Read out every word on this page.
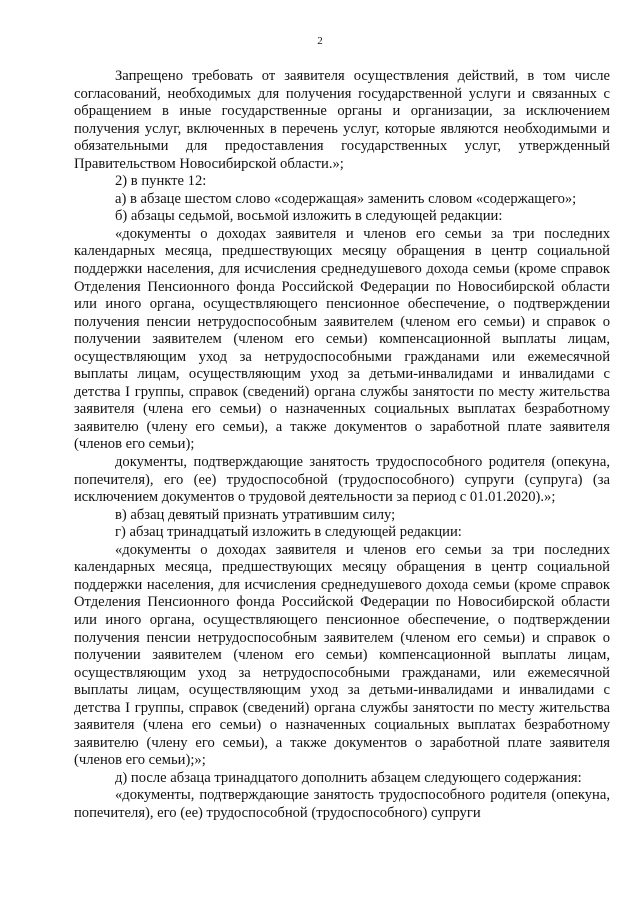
2

Запрещено требовать от заявителя осуществления действий, в том числе согласований, необходимых для получения государственной услуги и связанных с обращением в иные государственные органы и организации, за исключением получения услуг, включенных в перечень услуг, которые являются необходимыми и обязательными для предоставления государственных услуг, утвержденный Правительством Новосибирской области.»;

2) в пункте 12:

а) в абзаце шестом слово «содержащая» заменить словом «содержащего»;

б) абзацы седьмой, восьмой изложить в следующей редакции:

«документы о доходах заявителя и членов его семьи за три последних календарных месяца, предшествующих месяцу обращения в центр социальной поддержки населения, для исчисления среднедушевого дохода семьи (кроме справок Отделения Пенсионного фонда Российской Федерации по Новосибирской области или иного органа, осуществляющего пенсионное обеспечение, о подтверждении получения пенсии нетрудоспособным заявителем (членом его семьи) и справок о получении заявителем (членом его семьи) компенсационной выплаты лицам, осуществляющим уход за нетрудоспособными гражданами или ежемесячной выплаты лицам, осуществляющим уход за детьми-инвалидами и инвалидами с детства I группы, справок (сведений) органа службы занятости по месту жительства заявителя (члена его семьи) о назначенных социальных выплатах безработному заявителю (члену его семьи), а также документов о заработной плате заявителя (членов его семьи);

документы, подтверждающие занятость трудоспособного родителя (опекуна, попечителя), его (ее) трудоспособной (трудоспособного) супруги (супруга) (за исключением документов о трудовой деятельности за период с 01.01.2020).»;

в) абзац девятый признать утратившим силу;

г) абзац тринадцатый изложить в следующей редакции:

«документы о доходах заявителя и членов его семьи за три последних календарных месяца, предшествующих месяцу обращения в центр социальной поддержки населения, для исчисления среднедушевого дохода семьи (кроме справок Отделения Пенсионного фонда Российской Федерации по Новосибирской области или иного органа, осуществляющего пенсионное обеспечение, о подтверждении получения пенсии нетрудоспособным заявителем (членом его семьи) и справок о получении заявителем (членом его семьи) компенсационной выплаты лицам, осуществляющим уход за нетрудоспособными гражданами, или ежемесячной выплаты лицам, осуществляющим уход за детьми-инвалидами и инвалидами с детства I группы, справок (сведений) органа службы занятости по месту жительства заявителя (члена его семьи) о назначенных социальных выплатах безработному заявителю (члену его семьи), а также документов о заработной плате заявителя (членов его семьи);»;

д) после абзаца тринадцатого дополнить абзацем следующего содержания:

«документы, подтверждающие занятость трудоспособного родителя (опекуна, попечителя), его (ее) трудоспособной (трудоспособного) супруги
